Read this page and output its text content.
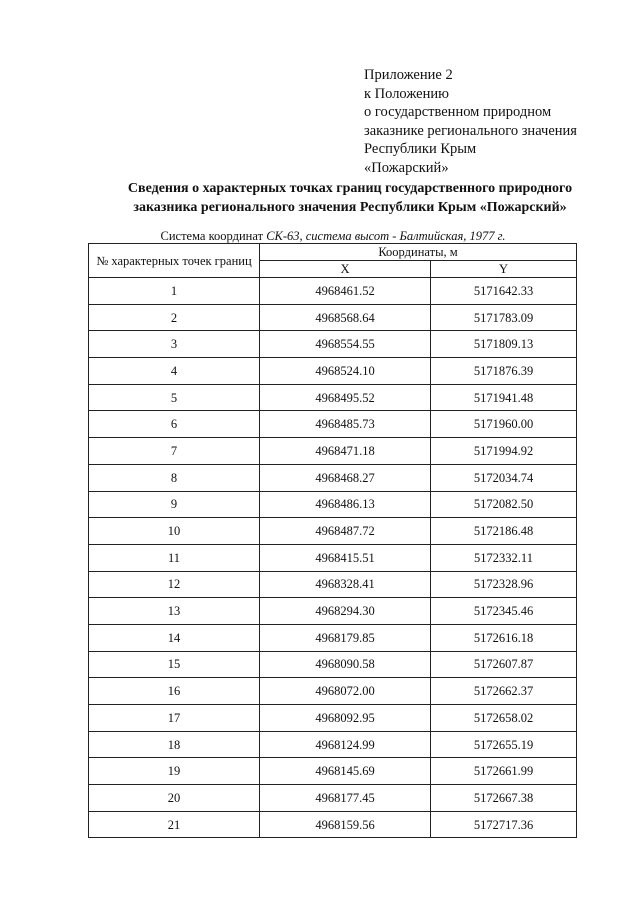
Приложение 2
к Положению
о государственном природном
заказнике регионального значения
Республики Крым
«Пожарский»
Сведения о характерных точках границ государственного природного
заказника регионального значения Республики Крым «Пожарский»
Система координат СК-63, система высот - Балтийская, 1977 г.
№ характерных точек границ	Координаты, м	
	X	Y
1	4968461.52	5171642.33
2	4968568.64	5171783.09
3	4968554.55	5171809.13
4	4968524.10	5171876.39
5	4968495.52	5171941.48
6	4968485.73	5171960.00
7	4968471.18	5171994.92
8	4968468.27	5172034.74
9	4968486.13	5172082.50
10	4968487.72	5172186.48
11	4968415.51	5172332.11
12	4968328.41	5172328.96
13	4968294.30	5172345.46
14	4968179.85	5172616.18
15	4968090.58	5172607.87
16	4968072.00	5172662.37
17	4968092.95	5172658.02
18	4968124.99	5172655.19
19	4968145.69	5172661.99
20	4968177.45	5172667.38
21	4968159.56	5172717.36
